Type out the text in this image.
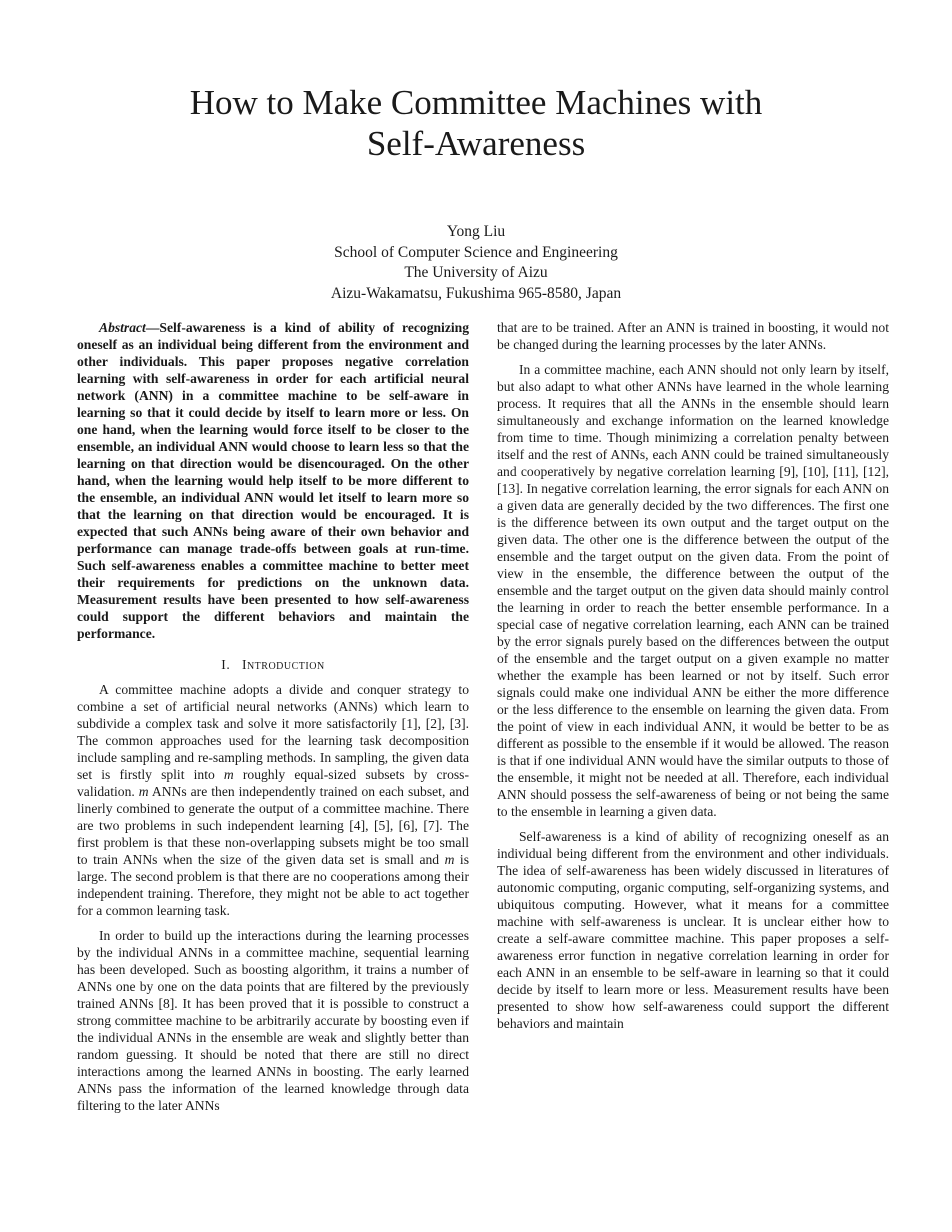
How to Make Committee Machines with
Self-Awareness
Yong Liu
School of Computer Science and Engineering
The University of Aizu
Aizu-Wakamatsu, Fukushima 965-8580, Japan

Abstract—Self-awareness is a kind of ability of recognizing oneself as an individual being different from the environment and other individuals. This paper proposes negative correlation learning with self-awareness in order for each artificial neural network (ANN) in a committee machine to be self-aware in learning so that it could decide by itself to learn more or less. On one hand, when the learning would force itself to be closer to the ensemble, an individual ANN would choose to learn less so that the learning on that direction would be disencouraged. On the other hand, when the learning would help itself to be more different to the ensemble, an individual ANN would let itself to learn more so that the learning on that direction would be encouraged. It is expected that such ANNs being aware of their own behavior and performance can manage trade-offs between goals at run-time. Such self-awareness enables a committee machine to better meet their requirements for predictions on the unknown data. Measurement results have been presented to how self-awareness could support the different behaviors and maintain the performance.

I. Introduction

A committee machine adopts a divide and conquer strategy to combine a set of artificial neural networks (ANNs) which learn to subdivide a complex task and solve it more satisfactorily [1], [2], [3]. The common approaches used for the learning task decomposition include sampling and re-sampling methods. In sampling, the given data set is firstly split into m roughly equal-sized subsets by cross-validation. m ANNs are then independently trained on each subset, and linerly combined to generate the output of a committee machine. There are two problems in such independent learning [4], [5], [6], [7]. The first problem is that these non-overlapping subsets might be too small to train ANNs when the size of the given data set is small and m is large. The second problem is that there are no cooperations among their independent training. Therefore, they might not be able to act together for a common learning task.

In order to build up the interactions during the learning processes by the individual ANNs in a committee machine, sequential learning has been developed. Such as boosting algorithm, it trains a number of ANNs one by one on the data points that are filtered by the previously trained ANNs [8]. It has been proved that it is possible to construct a strong committee machine to be arbitrarily accurate by boosting even if the individual ANNs in the ensemble are weak and slightly better than random guessing. It should be noted that there are still no direct interactions among the learned ANNs in boosting. The early learned ANNs pass the information of the learned knowledge through data filtering to the later ANNs

that are to be trained. After an ANN is trained in boosting, it would not be changed during the learning processes by the later ANNs.

In a committee machine, each ANN should not only learn by itself, but also adapt to what other ANNs have learned in the whole learning process. It requires that all the ANNs in the ensemble should learn simultaneously and exchange information on the learned knowledge from time to time. Though minimizing a correlation penalty between itself and the rest of ANNs, each ANN could be trained simultaneously and cooperatively by negative correlation learning [9], [10], [11], [12], [13]. In negative correlation learning, the error signals for each ANN on a given data are generally decided by the two differences. The first one is the difference between its own output and the target output on the given data. The other one is the difference between the output of the ensemble and the target output on the given data. From the point of view in the ensemble, the difference between the output of the ensemble and the target output on the given data should mainly control the learning in order to reach the better ensemble performance. In a special case of negative correlation learning, each ANN can be trained by the error signals purely based on the differences between the output of the ensemble and the target output on a given example no matter whether the example has been learned or not by itself. Such error signals could make one individual ANN be either the more difference or the less difference to the ensemble on learning the given data. From the point of view in each individual ANN, it would be better to be as different as possible to the ensemble if it would be allowed. The reason is that if one individual ANN would have the similar outputs to those of the ensemble, it might not be needed at all. Therefore, each individual ANN should possess the self-awareness of being or not being the same to the ensemble in learning a given data.

Self-awareness is a kind of ability of recognizing oneself as an individual being different from the environment and other individuals. The idea of self-awareness has been widely discussed in literatures of autonomic computing, organic computing, self-organizing systems, and ubiquitous computing. However, what it means for a committee machine with self-awareness is unclear. It is unclear either how to create a self-aware committee machine. This paper proposes a self-awareness error function in negative correlation learning in order for each ANN in an ensemble to be self-aware in learning so that it could decide by itself to learn more or less. Measurement results have been presented to show how self-awareness could support the different behaviors and maintain
